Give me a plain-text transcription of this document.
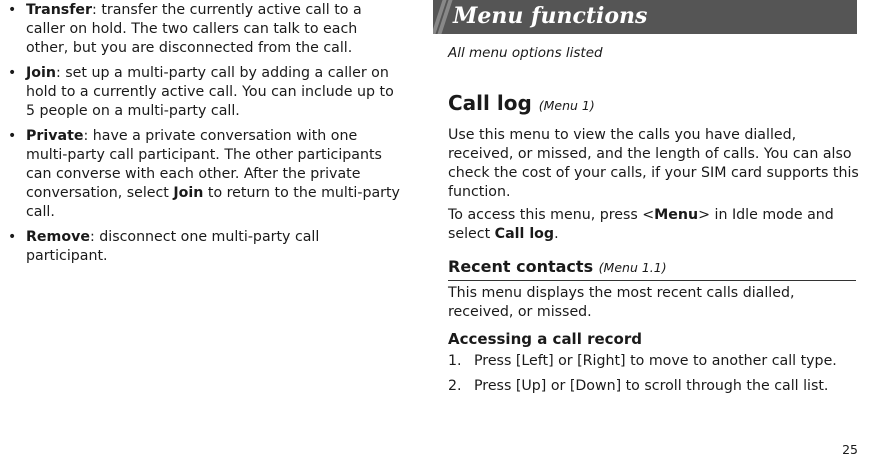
• Transfer: transfer the currently active call to a caller on hold. The two callers can talk to each other, but you are disconnected from the call.
• Join: set up a multi-party call by adding a caller on hold to a currently active call. You can include up to 5 people on a multi-party call.
• Private: have a private conversation with one multi-party call participant. The other participants can converse with each other. After the private conversation, select Join to return to the multi-party call.
• Remove: disconnect one multi-party call participant.
Menu functions
All menu options listed
Call log (Menu 1)

Use this menu to view the calls you have dialled, received, or missed, and the length of calls. You can also check the cost of your calls, if your SIM card supports this function.

To access this menu, press <Menu> in Idle mode and select Call log.

Recent contacts (Menu 1.1)

This menu displays the most recent calls dialled, received, or missed.

Accessing a call record
1. Press [Left] or [Right] to move to another call type.
2. Press [Up] or [Down] to scroll through the call list.
25
